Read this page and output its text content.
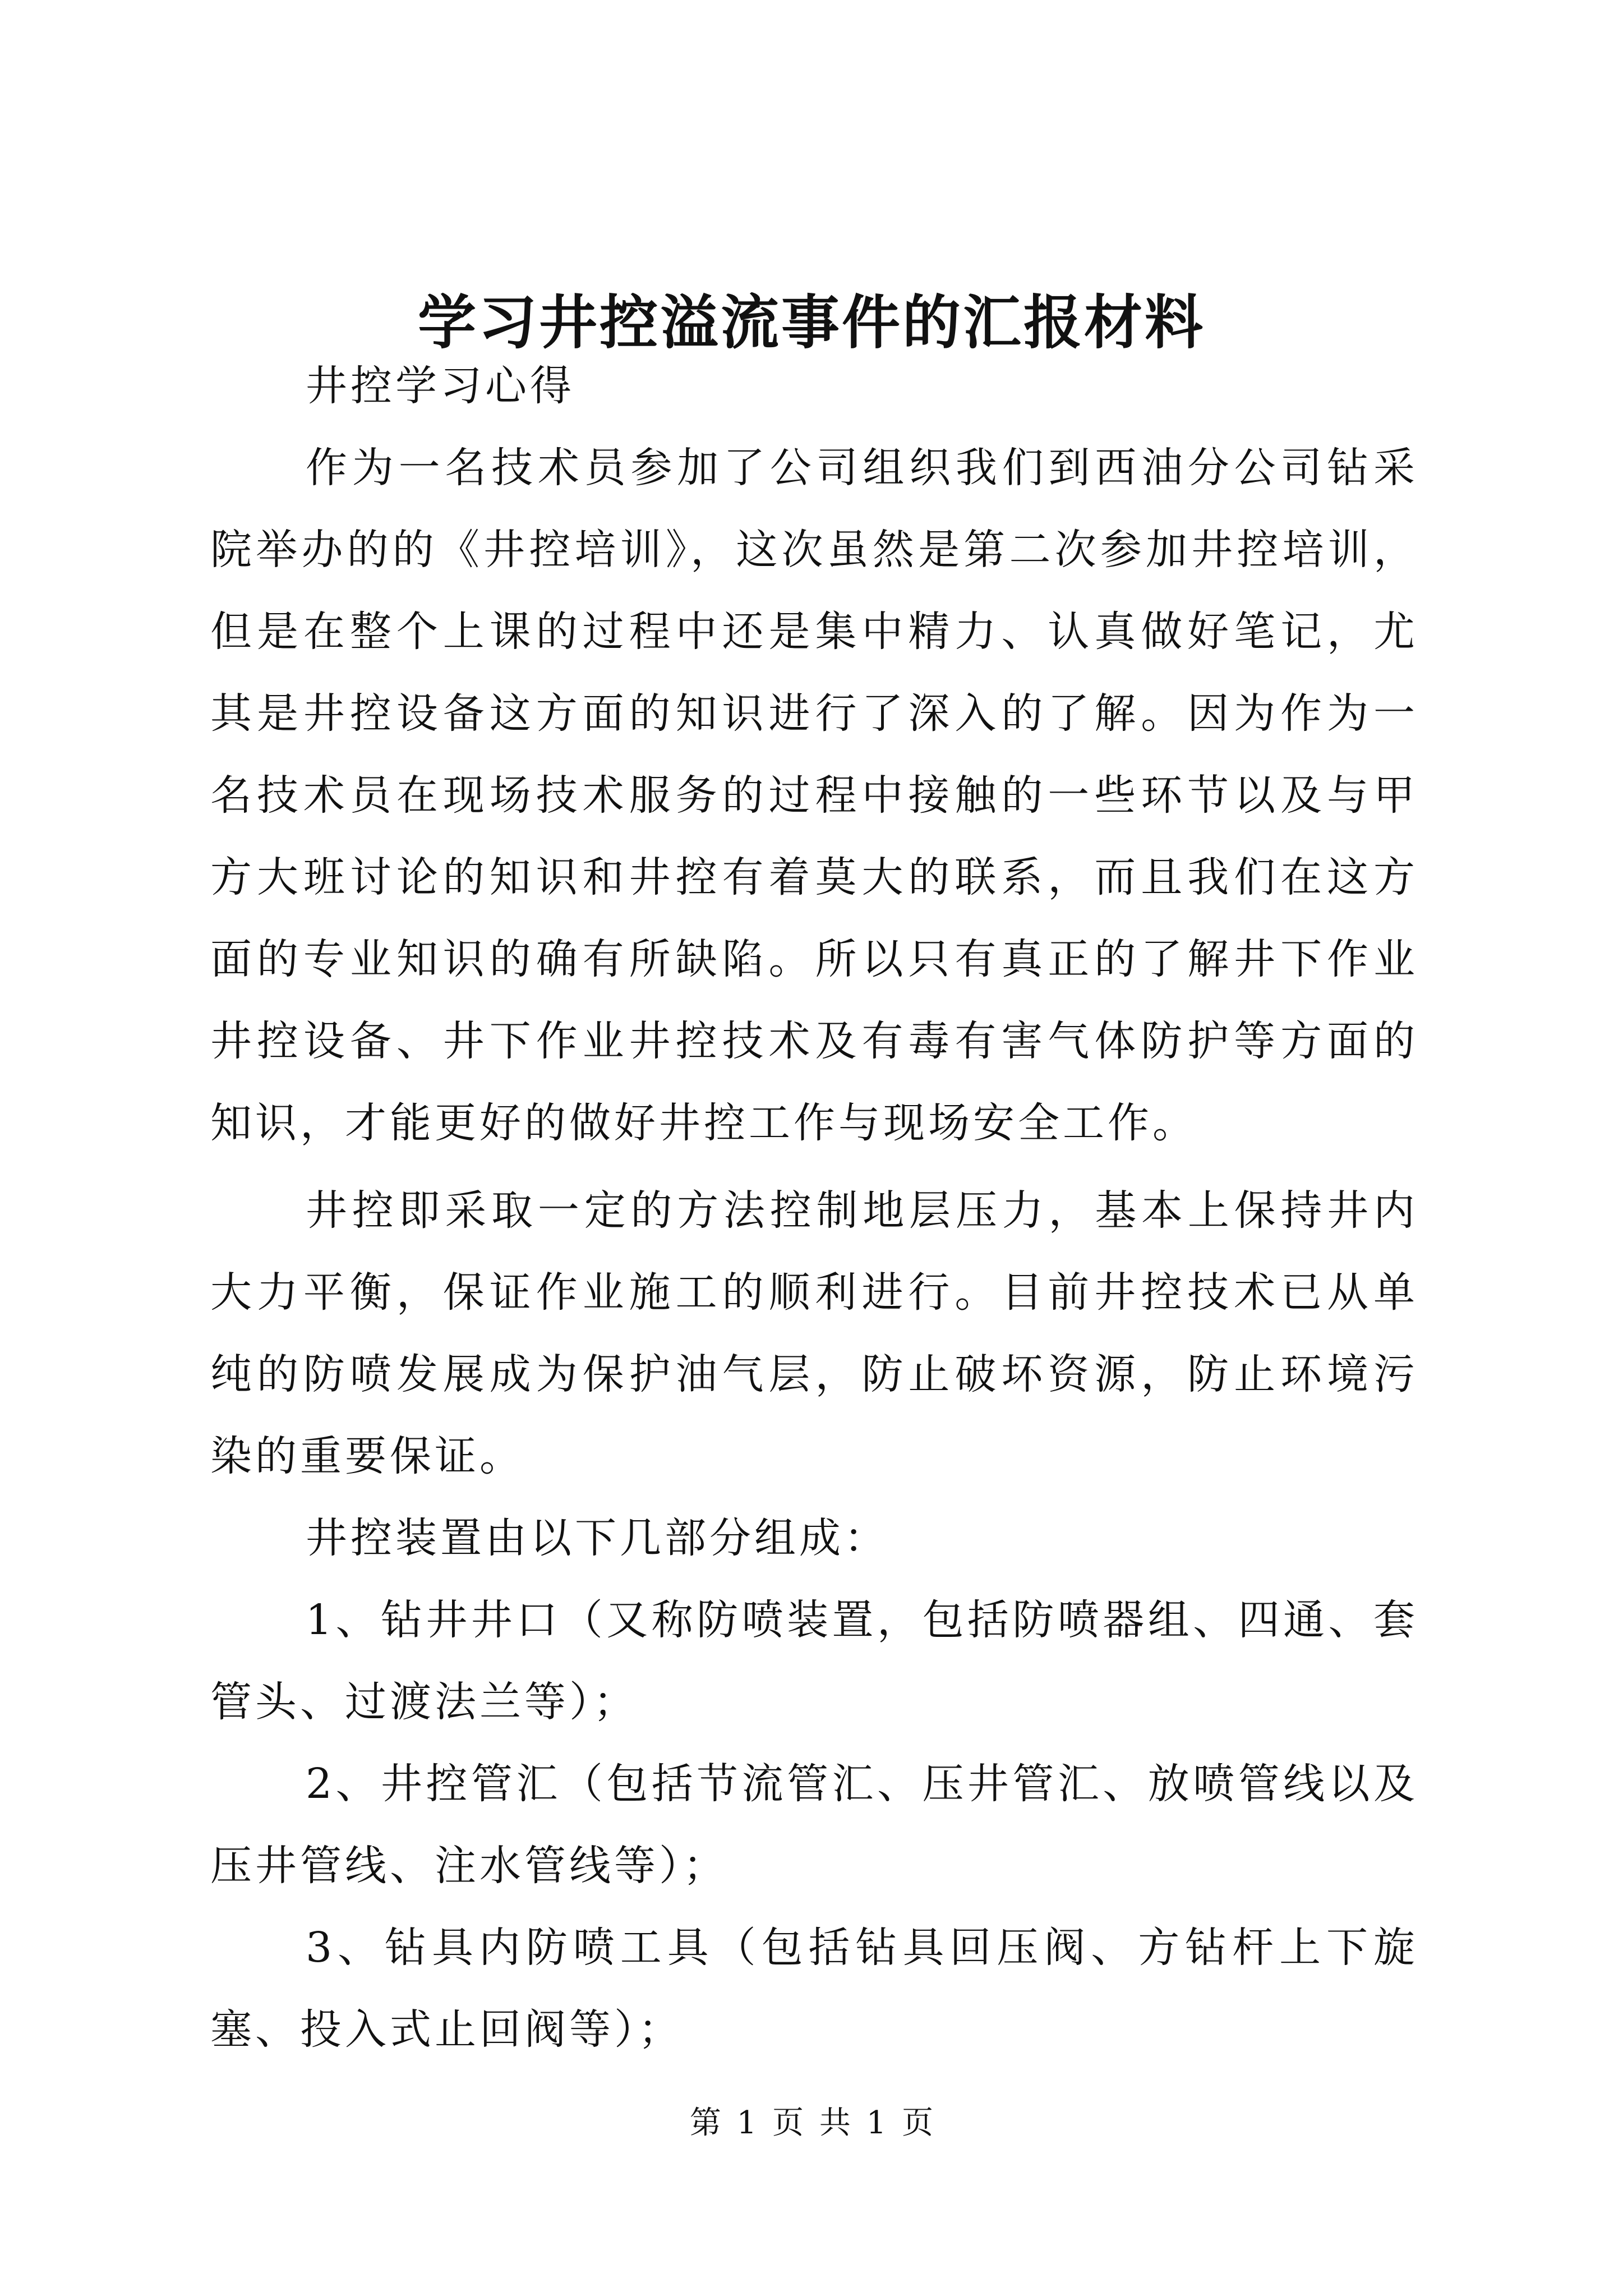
学习井控溢流事件的汇报材料

井控学习心得

作为一名技术员参加了公司组织我们到西油分公司钻采院举办的的《井控培训》，这次虽然是第二次参加井控培训，但是在整个上课的过程中还是集中精力、认真做好笔记，尤其是井控设备这方面的知识进行了深入的了解。因为作为一名技术员在现场技术服务的过程中接触的一些环节以及与甲方大班讨论的知识和井控有着莫大的联系，而且我们在这方面的专业知识的确有所缺陷。所以只有真正的了解井下作业井控设备、井下作业井控技术及有毒有害气体防护等方面的知识，才能更好的做好井控工作与现场安全工作。

井控即采取一定的方法控制地层压力，基本上保持井内大力平衡，保证作业施工的顺利进行。目前井控技术已从单纯的防喷发展成为保护油气层，防止破坏资源，防止环境污染的重要保证。

井控装置由以下几部分组成：

1、钻井井口（又称防喷装置，包括防喷器组、四通、套管头、过渡法兰等）；

2、井控管汇（包括节流管汇、压井管汇、放喷管线以及压井管线、注水管线等）；

3、钻具内防喷工具（包括钻具回压阀、方钻杆上下旋塞、投入式止回阀等）；

第 1 页 共 1 页
